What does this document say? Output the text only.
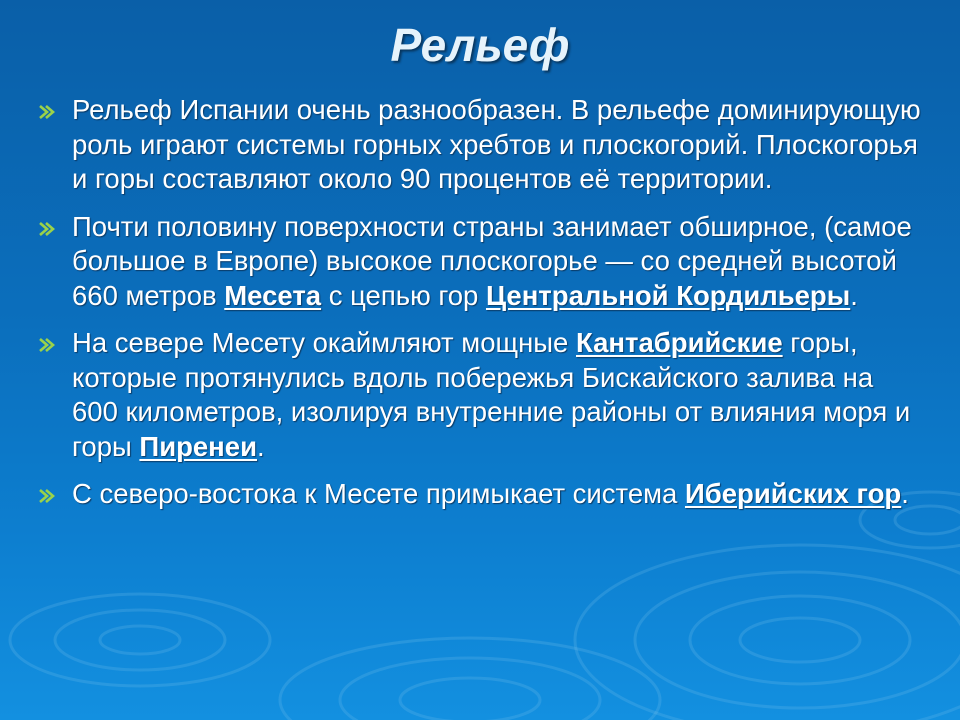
Рельеф
Рельеф Испании очень разнообразен. В рельефе доминирующую роль играют системы горных хребтов и плоскогорий. Плоскогорья и горы составляют около 90 процентов её территории.
Почти половину поверхности страны занимает обширное, (самое большое в Европе) высокое плоскогорье — со средней высотой 660 метров Месета с цепью гор Центральной Кордильеры.
На севере Месету окаймляют мощные Кантабрийские горы, которые протянулись вдоль побережья Бискайского залива на 600 километров, изолируя внутренние районы от влияния моря и горы Пиренеи.
С северо-востока к Месете примыкает система Иберийских гор.
